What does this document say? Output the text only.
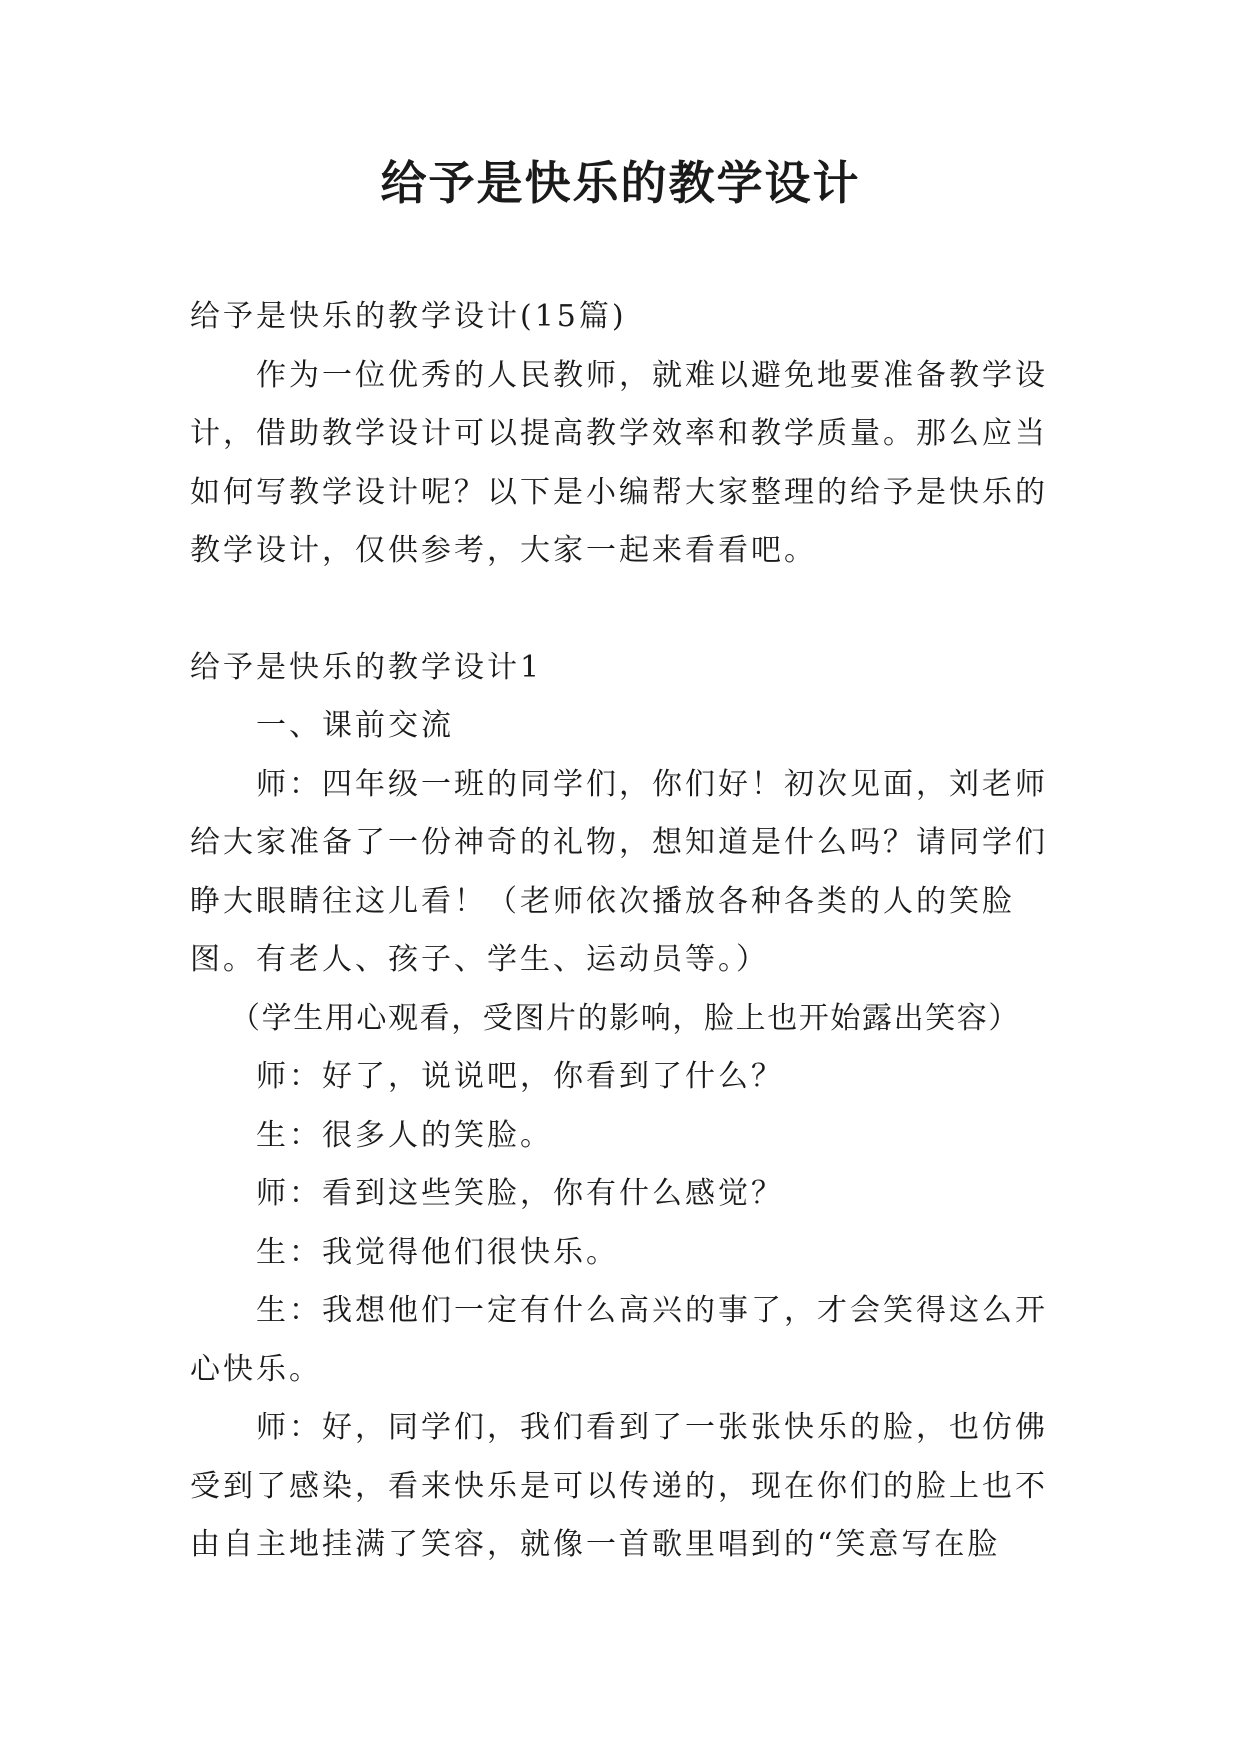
给予是快乐的教学设计

给予是快乐的教学设计(15篇)

作为一位优秀的人民教师，就难以避免地要准备教学设计，借助教学设计可以提高教学效率和教学质量。那么应当如何写教学设计呢？以下是小编帮大家整理的给予是快乐的教学设计，仅供参考，大家一起来看看吧。

给予是快乐的教学设计1

一、课前交流

师：四年级一班的同学们，你们好！初次见面，刘老师给大家准备了一份神奇的礼物，想知道是什么吗？请同学们睁大眼睛往这儿看！（老师依次播放各种各类的人的笑脸图。有老人、孩子、学生、运动员等。）

（学生用心观看，受图片的影响，脸上也开始露出笑容）

师：好了，说说吧，你看到了什么？

生：很多人的笑脸。

师：看到这些笑脸，你有什么感觉？

生：我觉得他们很快乐。

生：我想他们一定有什么高兴的事了，才会笑得这么开心快乐。

师：好，同学们，我们看到了一张张快乐的脸，也仿佛受到了感染，看来快乐是可以传递的，现在你们的脸上也不由自主地挂满了笑容，就像一首歌里唱到的“笑意写在脸
